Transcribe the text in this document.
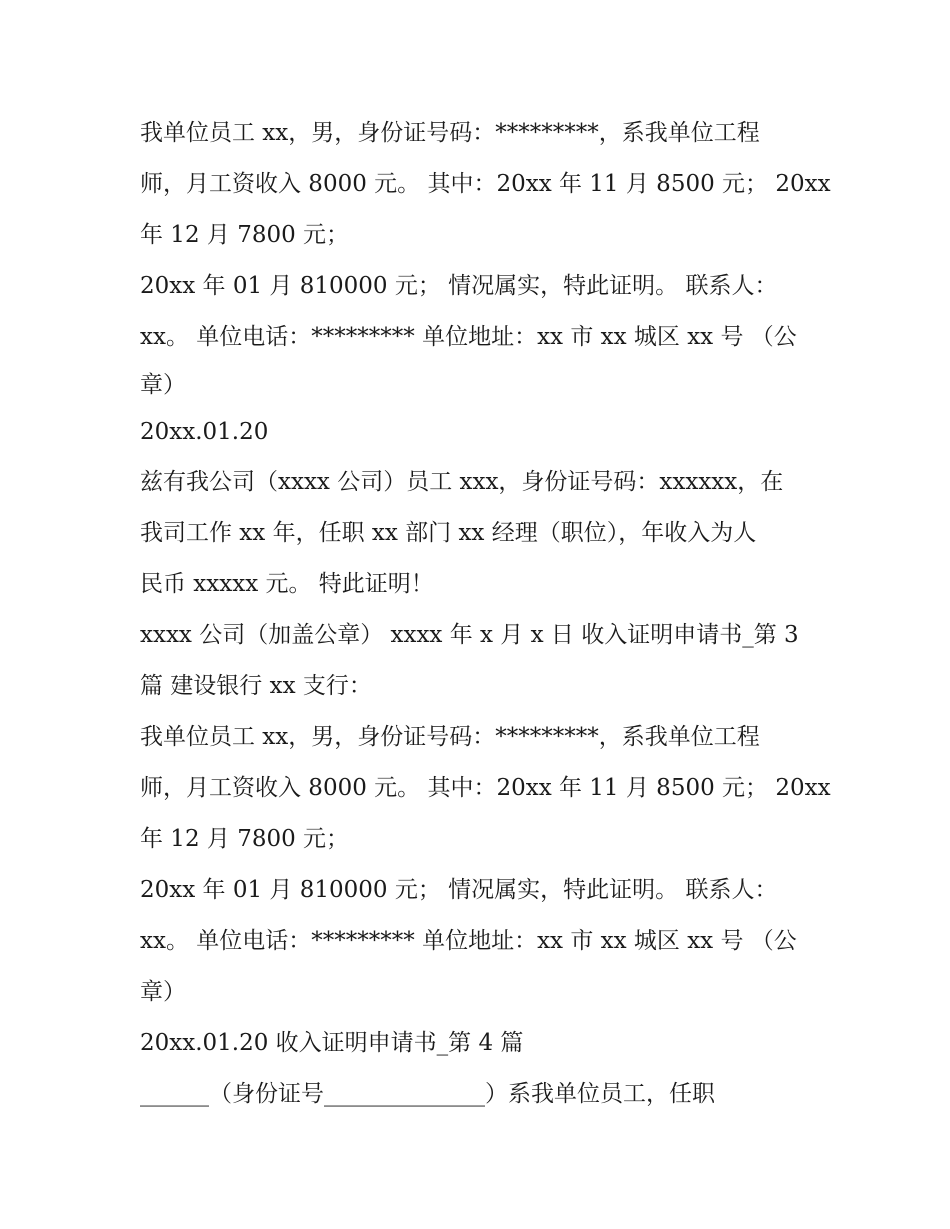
我单位员工 xx，男，身份证号码：*********，系我单位工程
师，月工资收入 8000 元。 其中：20xx 年 11 月 8500 元； 20xx
年 12 月 7800 元；
20xx 年 01 月 810000 元； 情况属实，特此证明。 联系人：
xx。 单位电话：********* 单位地址：xx 市 xx 城区 xx 号 （公
章）
20xx.01.20
兹有我公司（xxxx 公司）员工 xxx，身份证号码：xxxxxx，在
我司工作 xx 年，任职 xx 部门 xx 经理（职位），年收入为人
民币 xxxxx 元。 特此证明！
xxxx 公司（加盖公章） xxxx 年 x 月 x 日 收入证明申请书_第 3
篇 建设银行 xx 支行：
我单位员工 xx，男，身份证号码：*********，系我单位工程
师，月工资收入 8000 元。 其中：20xx 年 11 月 8500 元； 20xx
年 12 月 7800 元；
20xx 年 01 月 810000 元； 情况属实，特此证明。 联系人：
xx。 单位电话：********* 单位地址：xx 市 xx 城区 xx 号 （公
章）
20xx.01.20 收入证明申请书_第 4 篇
______（身份证号______________）系我单位员工，任职
